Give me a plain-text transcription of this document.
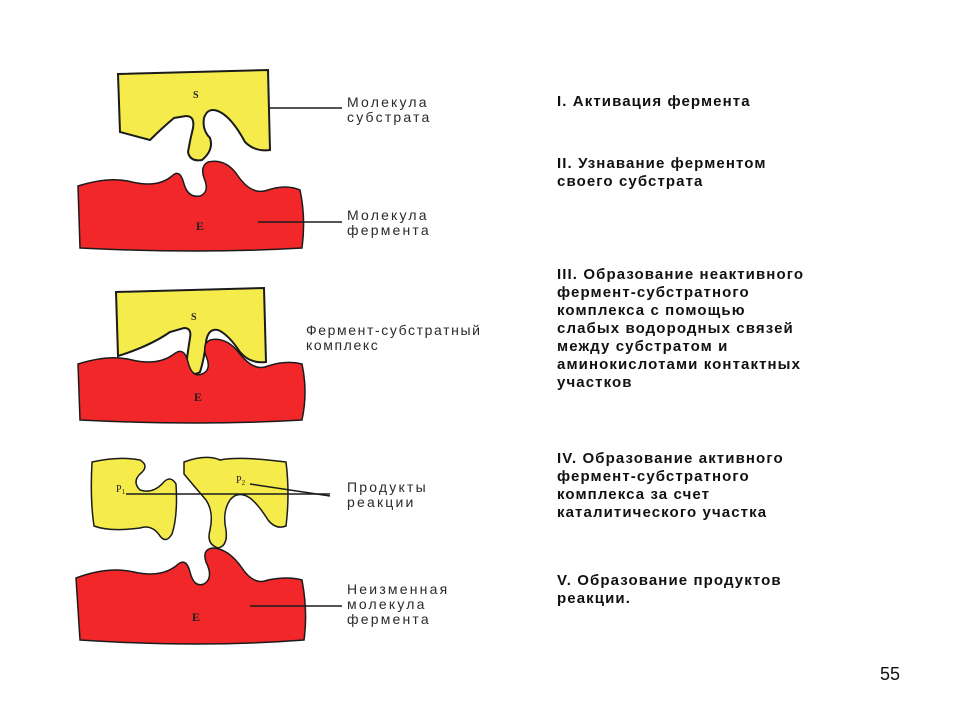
S
E
S
E
$P_1$
$P_2$
E
Молекула
субстрата
Молекула
фермента
Фермент-субстратный
комплекс
Продукты
реакции
Неизменная
молекула
фермента
I. Активация фермента
II. Узнавание ферментом
своего субстрата
III. Образование неактивного
фермент-субстратного
комплекса с помощью
слабых водородных связей
между субстратом и
аминокислотами контактных
участков
IV. Образование активного
фермент-субстратного
комплекса за счет
каталитического участка
V. Образование продуктов
реакции.
55
